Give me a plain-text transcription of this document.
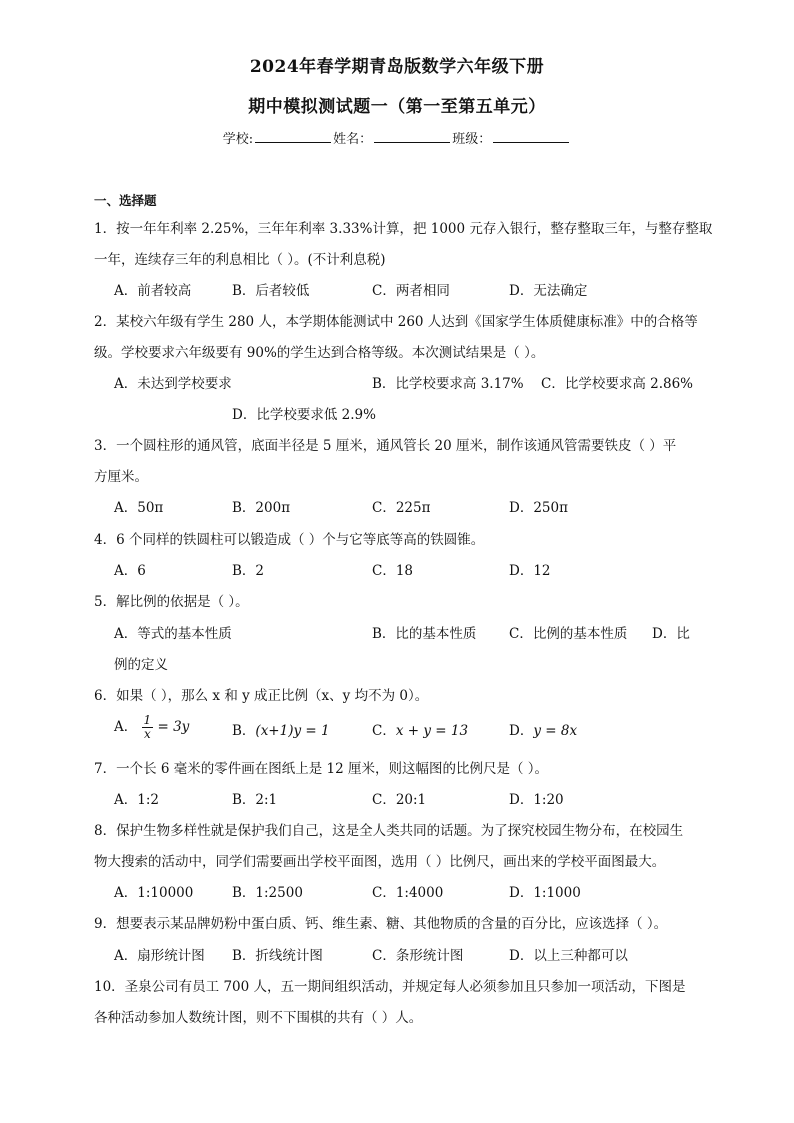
2024年春学期青岛版数学六年级下册
期中模拟测试题一（第一至第五单元）
学校:	姓名：	班级：
一、选择题
1．按一年年利率 2.25%，三年年利率 3.33%计算，把 1000 元存入银行，整存整取三年，与整存整取
一年，连续存三年的利息相比（ ）。(不计利息税)
A．前者较高	B．后者较低	C．两者相同	D．无法确定
2．某校六年级有学生 280 人，本学期体能测试中 260 人达到《国家学生体质健康标准》中的合格等
级。学校要求六年级要有 90%的学生达到合格等级。本次测试结果是（ ）。
A．未达到学校要求	B．比学校要求高 3.17% C．比学校要求高 2.86%
D．比学校要求低 2.9%
3．一个圆柱形的通风管，底面半径是 5 厘米，通风管长 20 厘米，制作该通风管需要铁皮（ ）平
方厘米。
A．50π	B．200π	C．225π	D．250π
4．6 个同样的铁圆柱可以锻造成（ ）个与它等底等高的铁圆锥。
A．6	B．2	C．18	D．12
5．解比例的依据是（ ）。
A．等式的基本性质	B．比的基本性质 C．比例的基本性质 D．比
例的定义
6．如果（ ），那么 x 和 y 成正比例（x、y 均不为 0）。
A． $\frac{1}{x} = 3y$	B．(x+1)y = 1	C．x + y = 13	D．y = 8x
7．一个长 6 毫米的零件画在图纸上是 12 厘米，则这幅图的比例尺是（ ）。
A．1:2	B．2:1	C．20:1	D．1:20
8．保护生物多样性就是保护我们自己，这是全人类共同的话题。为了探究校园生物分布，在校园生
物大搜索的活动中，同学们需要画出学校平面图，选用（ ）比例尺，画出来的学校平面图最大。
A．1:10000	B．1:2500	C．1:4000	D．1:1000
9．想要表示某品牌奶粉中蛋白质、钙、维生素、糖、其他物质的含量的百分比，应该选择（ ）。
A．扇形统计图 B．折线统计图	C．条形统计图	D．以上三种都可以
10．圣泉公司有员工 700 人，五一期间组织活动，并规定每人必须参加且只参加一项活动，下图是
各种活动参加人数统计图，则不下围棋的共有（ ）人。
